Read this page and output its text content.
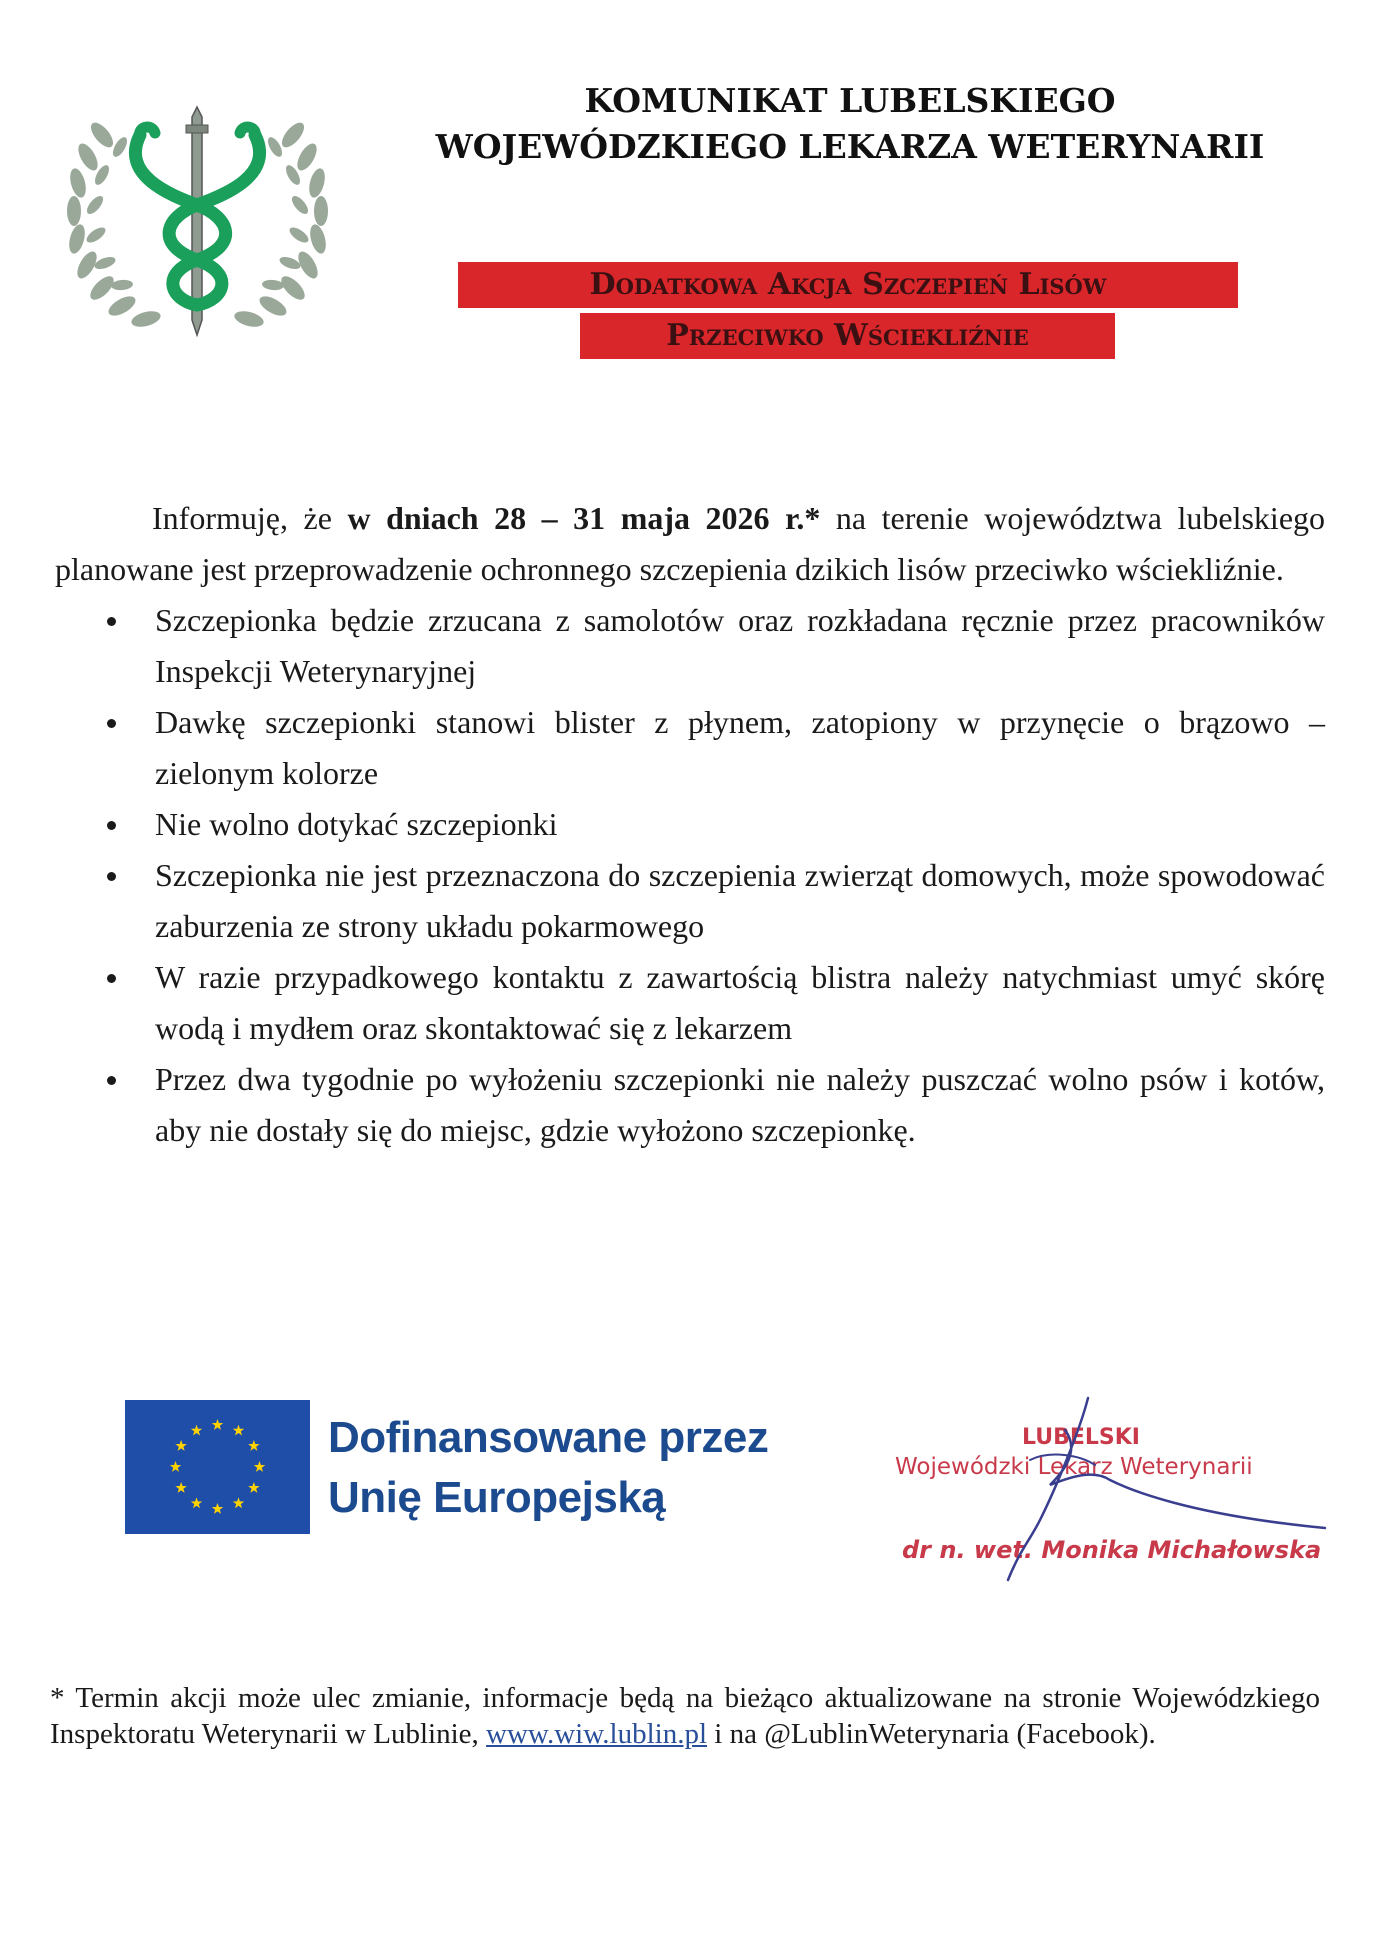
KOMUNIKAT LUBELSKIEGO
WOJEWÓDZKIEGO LEKARZA WETERYNARII
Dodatkowa Akcja Szczepień Lisów
Przeciwko Wściekliźnie

Informuję, że w dniach 28 – 31 maja 2026 r.* na terenie województwa lubelskiego planowane jest przeprowadzenie ochronnego szczepienia dzikich lisów przeciwko wściekliźnie.

Szczepionka będzie zrzucana z samolotów oraz rozkładana ręcznie przez pracowników Inspekcji Weterynaryjnej
Dawkę szczepionki stanowi blister z płynem, zatopiony w przynęcie o brązowo – zielonym kolorze
Nie wolno dotykać szczepionki
Szczepionka nie jest przeznaczona do szczepienia zwierząt domowych, może spowodować zaburzenia ze strony układu pokarmowego
W razie przypadkowego kontaktu z zawartością blistra należy natychmiast umyć skórę wodą i mydłem oraz skontaktować się z lekarzem
Przez dwa tygodnie po wyłożeniu szczepionki nie należy puszczać wolno psów i kotów, aby nie dostały się do miejsc, gdzie wyłożono szczepionkę.
Dofinansowane przez
Unię Europejską
LUBELSKI
Wojewódzki Lekarz Weterynarii
dr n. wet. Monika Michałowska
* Termin akcji może ulec zmianie, informacje będą na bieżąco aktualizowane na stronie Wojewódzkiego Inspektoratu Weterynarii w Lublinie, www.wiw.lublin.pl i na @LublinWeterynaria (Facebook).
